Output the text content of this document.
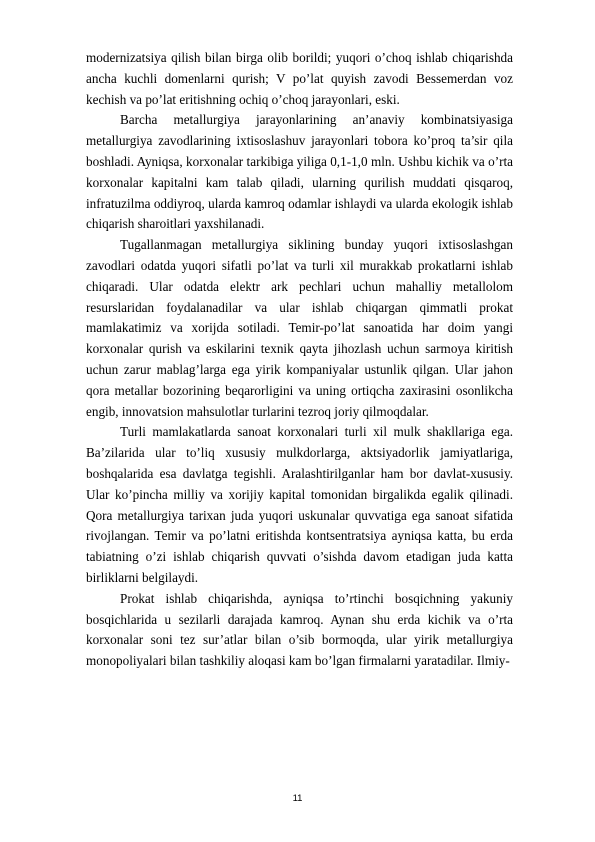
modernizatsiya qilish bilan birga olib borildi; yuqori o’choq ishlab chiqarishda ancha kuchli domenlarni qurish; V po’lat quyish zavodi Bessemerdan voz kechish va po’lat eritishning ochiq o’choq jarayonlari, eski.

Barcha metallurgiya jarayonlarining an’anaviy kombinatsiyasiga metallurgiya zavodlarining ixtisoslashuv jarayonlari tobora ko’proq ta’sir qila boshladi. Ayniqsa, korxonalar tarkibiga yiliga 0,1-1,0 mln. Ushbu kichik va o’rta korxonalar kapitalni kam talab qiladi, ularning qurilish muddati qisqaroq, infratuzilma oddiyroq, ularda kamroq odamlar ishlaydi va ularda ekologik ishlab chiqarish sharoitlari yaxshilanadi.

Tugallanmagan metallurgiya siklining bunday yuqori ixtisoslashgan zavodlari odatda yuqori sifatli po’lat va turli xil murakkab prokatlarni ishlab chiqaradi. Ular odatda elektr ark pechlari uchun mahalliy metallolom resurslaridan foydalanadilar va ular ishlab chiqargan qimmatli prokat mamlakatimiz va xorijda sotiladi. Temir-po’lat sanoatida har doim yangi korxonalar qurish va eskilarini texnik qayta jihozlash uchun sarmoya kiritish uchun zarur mablag’larga ega yirik kompaniyalar ustunlik qilgan. Ular jahon qora metallar bozorining beqarorligini va uning ortiqcha zaxirasini osonlikcha engib, innovatsion mahsulotlar turlarini tezroq joriy qilmoqdalar.

Turli mamlakatlarda sanoat korxonalari turli xil mulk shakllariga ega. Ba’zilarida ular to’liq xususiy mulkdorlarga, aktsiyadorlik jamiyatlariga, boshqalarida esa davlatga tegishli. Aralashtirilganlar ham bor davlat-xususiy. Ular ko’pincha milliy va xorijiy kapital tomonidan birgalikda egalik qilinadi. Qora metallurgiya tarixan juda yuqori uskunalar quvvatiga ega sanoat sifatida rivojlangan. Temir va po’latni eritishda kontsentratsiya ayniqsa katta, bu erda tabiatning o’zi ishlab chiqarish quvvati o’sishda davom etadigan juda katta birliklarni belgilaydi.

Prokat ishlab chiqarishda, ayniqsa to’rtinchi bosqichning yakuniy bosqichlarida u sezilarli darajada kamroq. Aynan shu erda kichik va o’rta korxonalar soni tez sur’atlar bilan o’sib bormoqda, ular yirik metallurgiya monopoliyalari bilan tashkiliy aloqasi kam bo’lgan firmalarni yaratadilar. Ilmiy-

11
